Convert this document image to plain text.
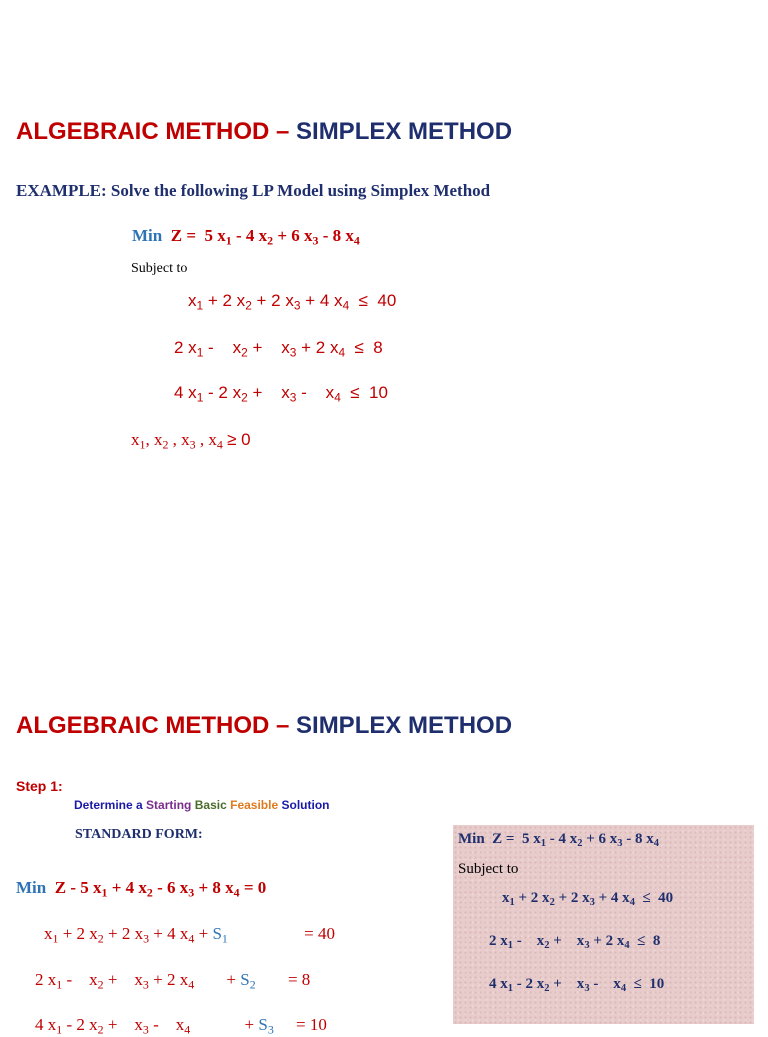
ALGEBRAIC METHOD – SIMPLEX METHOD
EXAMPLE: Solve the following LP Model using Simplex Method
Min  Z =  5 $x_1 - 4$ $x_2 + 6$ $x_3 - 8$ $x_4$
Subject to
$x_1 + 2$ $x_2 + 2$ $x_3 + 4$ $x_4 \le 40$
2 $x_1$ -    $x_2$ +    $x_3 + 2$ $x_4 \le 8$
4 $x_1 - 2$ $x_2$ +    $x_3$ -    $x_4 \le 10$
$x_1$, $x_2$ , $x_3$ , $x_4 \ge 0$
ALGEBRAIC METHOD – SIMPLEX METHOD
Step 1:
Determine a Starting Basic Feasible Solution
STANDARD FORM:
Min  Z - 5 $x_1 + 4$ $x_2 - 6$ $x_3 + 8$ $x_4 = 0$
$x_1 + 2$ $x_2 + 2$ $x_3 + 4$ $x_4 + S_1$	= 40
2 $x_1$ -    $x_2$ +    $x_3 + 2$ $x_4 + S_2 = 8$
4 $x_1 - 2$ $x_2$ +    $x_3$ -    $x_4$	+ $S_3 = 10$
Min  Z =  5 $x_1 - 4$ $x_2 + 6$ $x_3 - 8$ $x_4$
Subject to
$x_1 + 2$ $x_2 + 2$ $x_3 + 4$ $x_4 \le 40$
2 $x_1$ -    $x_2$ +    $x_3 + 2$ $x_4 \le 8$
4 $x_1 - 2$ $x_2$ +    $x_3$ -    $x_4 \le 10$
